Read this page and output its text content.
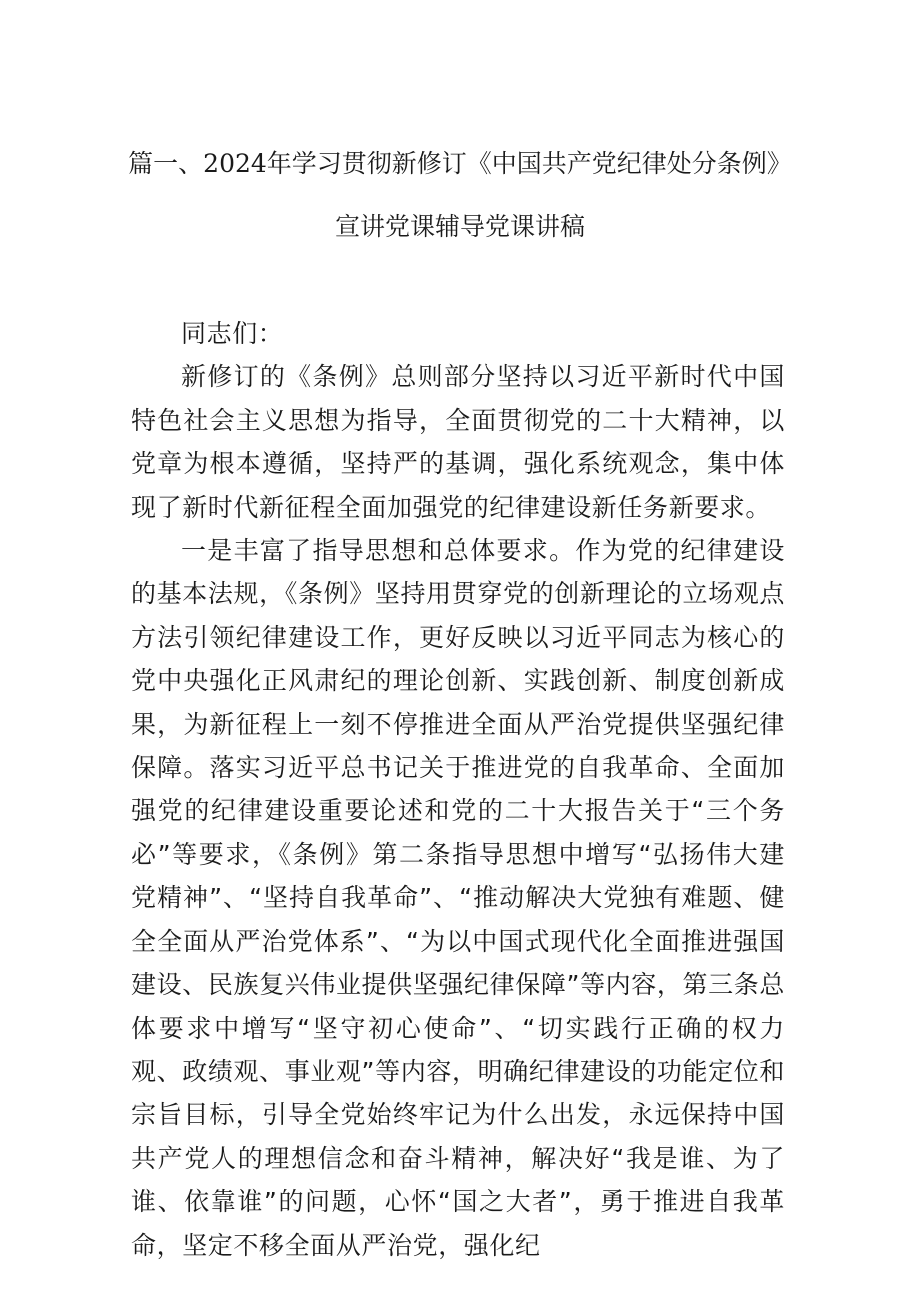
篇一、2024年学习贯彻新修订《中国共产党纪律处分条例》
宣讲党课辅导党课讲稿

同志们：

新修订的《条例》总则部分坚持以习近平新时代中国特色社会主义思想为指导，全面贯彻党的二十大精神，以党章为根本遵循，坚持严的基调，强化系统观念，集中体现了新时代新征程全面加强党的纪律建设新任务新要求。

一是丰富了指导思想和总体要求。作为党的纪律建设的基本法规，《条例》坚持用贯穿党的创新理论的立场观点方法引领纪律建设工作，更好反映以习近平同志为核心的党中央强化正风肃纪的理论创新、实践创新、制度创新成果，为新征程上一刻不停推进全面从严治党提供坚强纪律保障。落实习近平总书记关于推进党的自我革命、全面加强党的纪律建设重要论述和党的二十大报告关于“三个务必”等要求，《条例》第二条指导思想中增写“弘扬伟大建党精神”、“坚持自我革命”、“推动解决大党独有难题、健全全面从严治党体系”、“为以中国式现代化全面推进强国建设、民族复兴伟业提供坚强纪律保障”等内容，第三条总体要求中增写“坚守初心使命”、“切实践行正确的权力观、政绩观、事业观”等内容，明确纪律建设的功能定位和宗旨目标，引导全党始终牢记为什么出发，永远保持中国共产党人的理想信念和奋斗精神，解决好“我是谁、为了谁、依靠谁”的问题，心怀“国之大者”，勇于推进自我革命，坚定不移全面从严治党，强化纪
